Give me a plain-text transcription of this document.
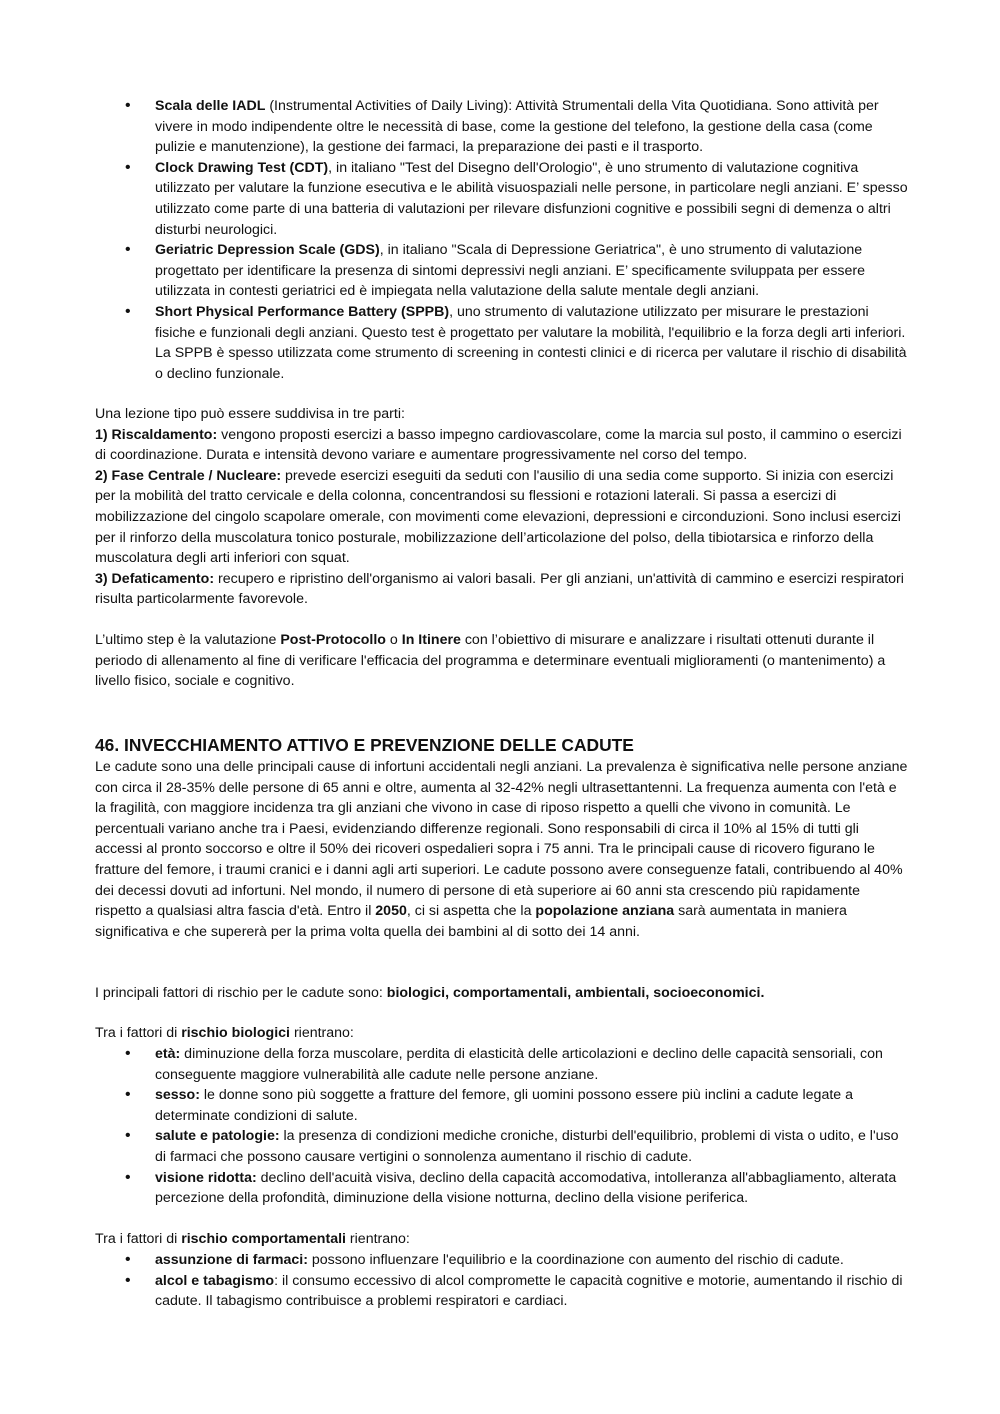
• Scala delle IADL (Instrumental Activities of Daily Living): Attività Strumentali della Vita Quotidiana. Sono attività per vivere in modo indipendente oltre le necessità di base, come la gestione del telefono, la gestione della casa (come pulizie e manutenzione), la gestione dei farmaci, la preparazione dei pasti e il trasporto.
• Clock Drawing Test (CDT), in italiano "Test del Disegno dell'Orologio", è uno strumento di valutazione cognitiva utilizzato per valutare la funzione esecutiva e le abilità visuospaziali nelle persone, in particolare negli anziani. E’ spesso utilizzato come parte di una batteria di valutazioni per rilevare disfunzioni cognitive e possibili segni di demenza o altri disturbi neurologici.
• Geriatric Depression Scale (GDS), in italiano "Scala di Depressione Geriatrica", è uno strumento di valutazione progettato per identificare la presenza di sintomi depressivi negli anziani. E’ specificamente sviluppata per essere utilizzata in contesti geriatrici ed è impiegata nella valutazione della salute mentale degli anziani.
• Short Physical Performance Battery (SPPB), uno strumento di valutazione utilizzato per misurare le prestazioni fisiche e funzionali degli anziani. Questo test è progettato per valutare la mobilità, l'equilibrio e la forza degli arti inferiori. La SPPB è spesso utilizzata come strumento di screening in contesti clinici e di ricerca per valutare il rischio di disabilità o declino funzionale.
Una lezione tipo può essere suddivisa in tre parti:
1) Riscaldamento: vengono proposti esercizi a basso impegno cardiovascolare, come la marcia sul posto, il cammino o esercizi di coordinazione. Durata e intensità devono variare e aumentare progressivamente nel corso del tempo.
2) Fase Centrale / Nucleare: prevede esercizi eseguiti da seduti con l'ausilio di una sedia come supporto. Si inizia con esercizi per la mobilità del tratto cervicale e della colonna, concentrandosi su flessioni e rotazioni laterali. Si passa a esercizi di mobilizzazione del cingolo scapolare omerale, con movimenti come elevazioni, depressioni e circonduzioni. Sono inclusi esercizi per il rinforzo della muscolatura tonico posturale, mobilizzazione dell’articolazione del polso, della tibiotarsica e rinforzo della muscolatura degli arti inferiori con squat.
3) Defaticamento: recupero e ripristino dell'organismo ai valori basali. Per gli anziani, un'attività di cammino e esercizi respiratori risulta particolarmente favorevole.
L’ultimo step è la valutazione Post-Protocollo o In Itinere con l’obiettivo di misurare e analizzare i risultati ottenuti durante il periodo di allenamento al fine di verificare l'efficacia del programma e determinare eventuali miglioramenti (o mantenimento) a livello fisico, sociale e cognitivo.
46. INVECCHIAMENTO ATTIVO E PREVENZIONE DELLE CADUTE
Le cadute sono una delle principali cause di infortuni accidentali negli anziani. La prevalenza è significativa nelle persone anziane con circa il 28-35% delle persone di 65 anni e oltre, aumenta al 32-42% negli ultrasettantenni. La frequenza aumenta con l'età e la fragilità, con maggiore incidenza tra gli anziani che vivono in case di riposo rispetto a quelli che vivono in comunità. Le percentuali variano anche tra i Paesi, evidenziando differenze regionali. Sono responsabili di circa il 10% al 15% di tutti gli accessi al pronto soccorso e oltre il 50% dei ricoveri ospedalieri sopra i 75 anni. Tra le principali cause di ricovero figurano le fratture del femore, i traumi cranici e i danni agli arti superiori. Le cadute possono avere conseguenze fatali, contribuendo al 40% dei decessi dovuti ad infortuni. Nel mondo, il numero di persone di età superiore ai 60 anni sta crescendo più rapidamente rispetto a qualsiasi altra fascia d'età. Entro il 2050, ci si aspetta che la popolazione anziana sarà aumentata in maniera significativa e che supererà per la prima volta quella dei bambini al di sotto dei 14 anni.
I principali fattori di rischio per le cadute sono: biologici, comportamentali, ambientali, socioeconomici.
Tra i fattori di rischio biologici rientrano:
• età: diminuzione della forza muscolare, perdita di elasticità delle articolazioni e declino delle capacità sensoriali, con conseguente maggiore vulnerabilità alle cadute nelle persone anziane.
• sesso: le donne sono più soggette a fratture del femore, gli uomini possono essere più inclini a cadute legate a determinate condizioni di salute.
• salute e patologie: la presenza di condizioni mediche croniche, disturbi dell'equilibrio, problemi di vista o udito, e l'uso di farmaci che possono causare vertigini o sonnolenza aumentano il rischio di cadute.
• visione ridotta: declino dell'acuità visiva, declino della capacità accomodativa, intolleranza all'abbagliamento, alterata percezione della profondità, diminuzione della visione notturna, declino della visione periferica.
Tra i fattori di rischio comportamentali rientrano:
• assunzione di farmaci: possono influenzare l'equilibrio e la coordinazione con aumento del rischio di cadute.
• alcol e tabagismo: il consumo eccessivo di alcol compromette le capacità cognitive e motorie, aumentando il rischio di cadute. Il tabagismo contribuisce a problemi respiratori e cardiaci.
